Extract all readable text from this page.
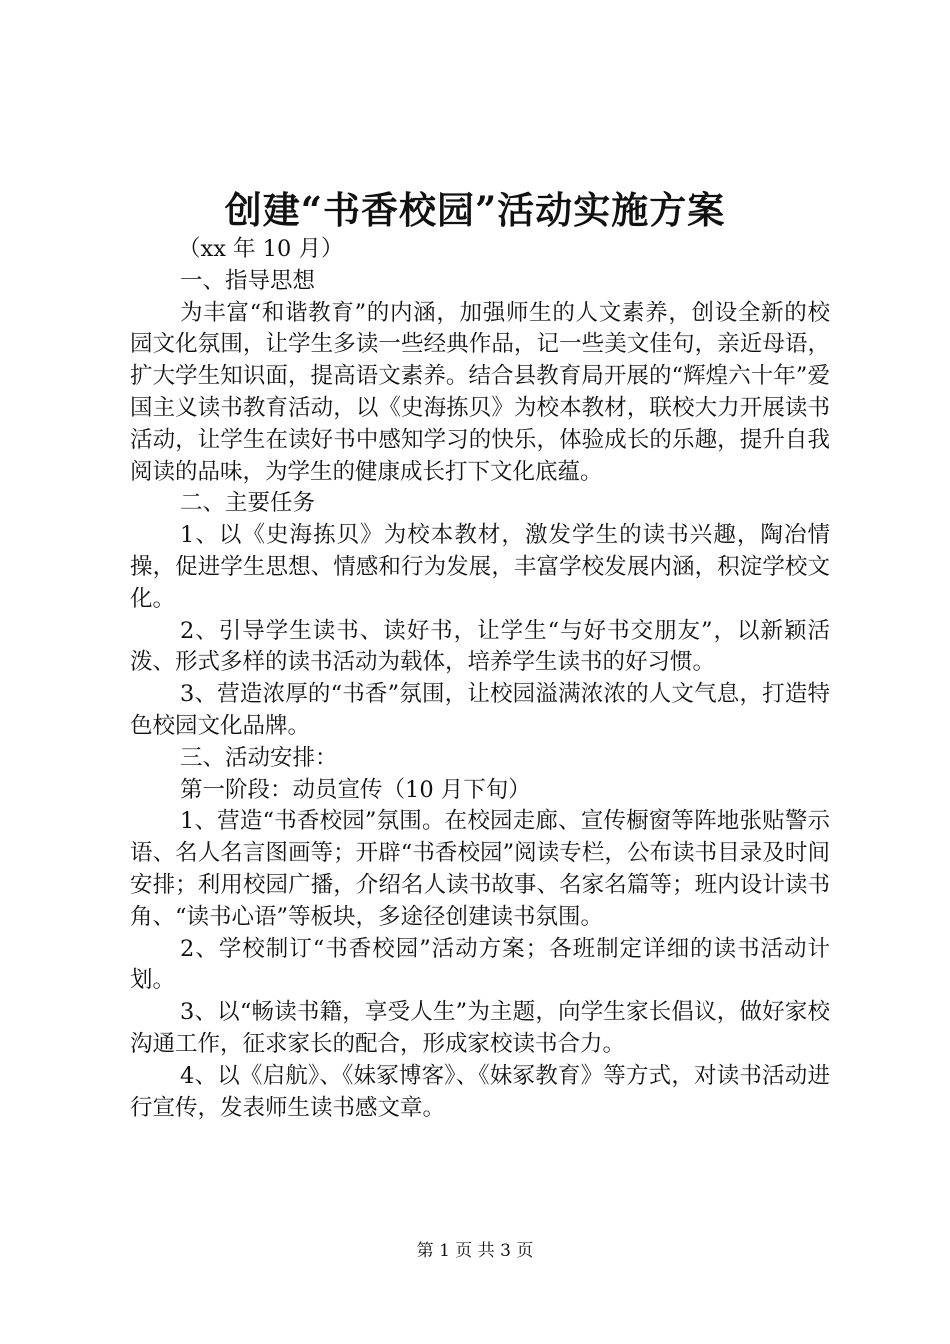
创建“书香校园”活动实施方案

（xx 年 10 月）

一、指导思想

为丰富“和谐教育”的内涵，加强师生的人文素养，创设全新的校园文化氛围，让学生多读一些经典作品，记一些美文佳句，亲近母语，扩大学生知识面，提高语文素养。结合县教育局开展的“辉煌六十年”爱国主义读书教育活动，以《史海拣贝》为校本教材，联校大力开展读书活动，让学生在读好书中感知学习的快乐，体验成长的乐趣，提升自我阅读的品味，为学生的健康成长打下文化底蕴。

二、主要任务

1、以《史海拣贝》为校本教材，激发学生的读书兴趣，陶冶情操，促进学生思想、情感和行为发展，丰富学校发展内涵，积淀学校文化。

2、引导学生读书、读好书，让学生“与好书交朋友”，以新颖活泼、形式多样的读书活动为载体，培养学生读书的好习惯。

3、营造浓厚的“书香”氛围，让校园溢满浓浓的人文气息，打造特色校园文化品牌。

三、活动安排：

第一阶段：动员宣传（10 月下旬）

1、营造“书香校园”氛围。在校园走廊、宣传橱窗等阵地张贴警示语、名人名言图画等；开辟“书香校园”阅读专栏，公布读书目录及时间安排；利用校园广播，介绍名人读书故事、名家名篇等；班内设计读书角、“读书心语”等板块，多途径创建读书氛围。

2、学校制订“书香校园”活动方案；各班制定详细的读书活动计划。

3、以“畅读书籍，享受人生”为主题，向学生家长倡议，做好家校沟通工作，征求家长的配合，形成家校读书合力。

4、以《启航》、《妹冢博客》、《妹冢教育》等方式，对读书活动进行宣传，发表师生读书感文章。

第 1 页 共 3 页
